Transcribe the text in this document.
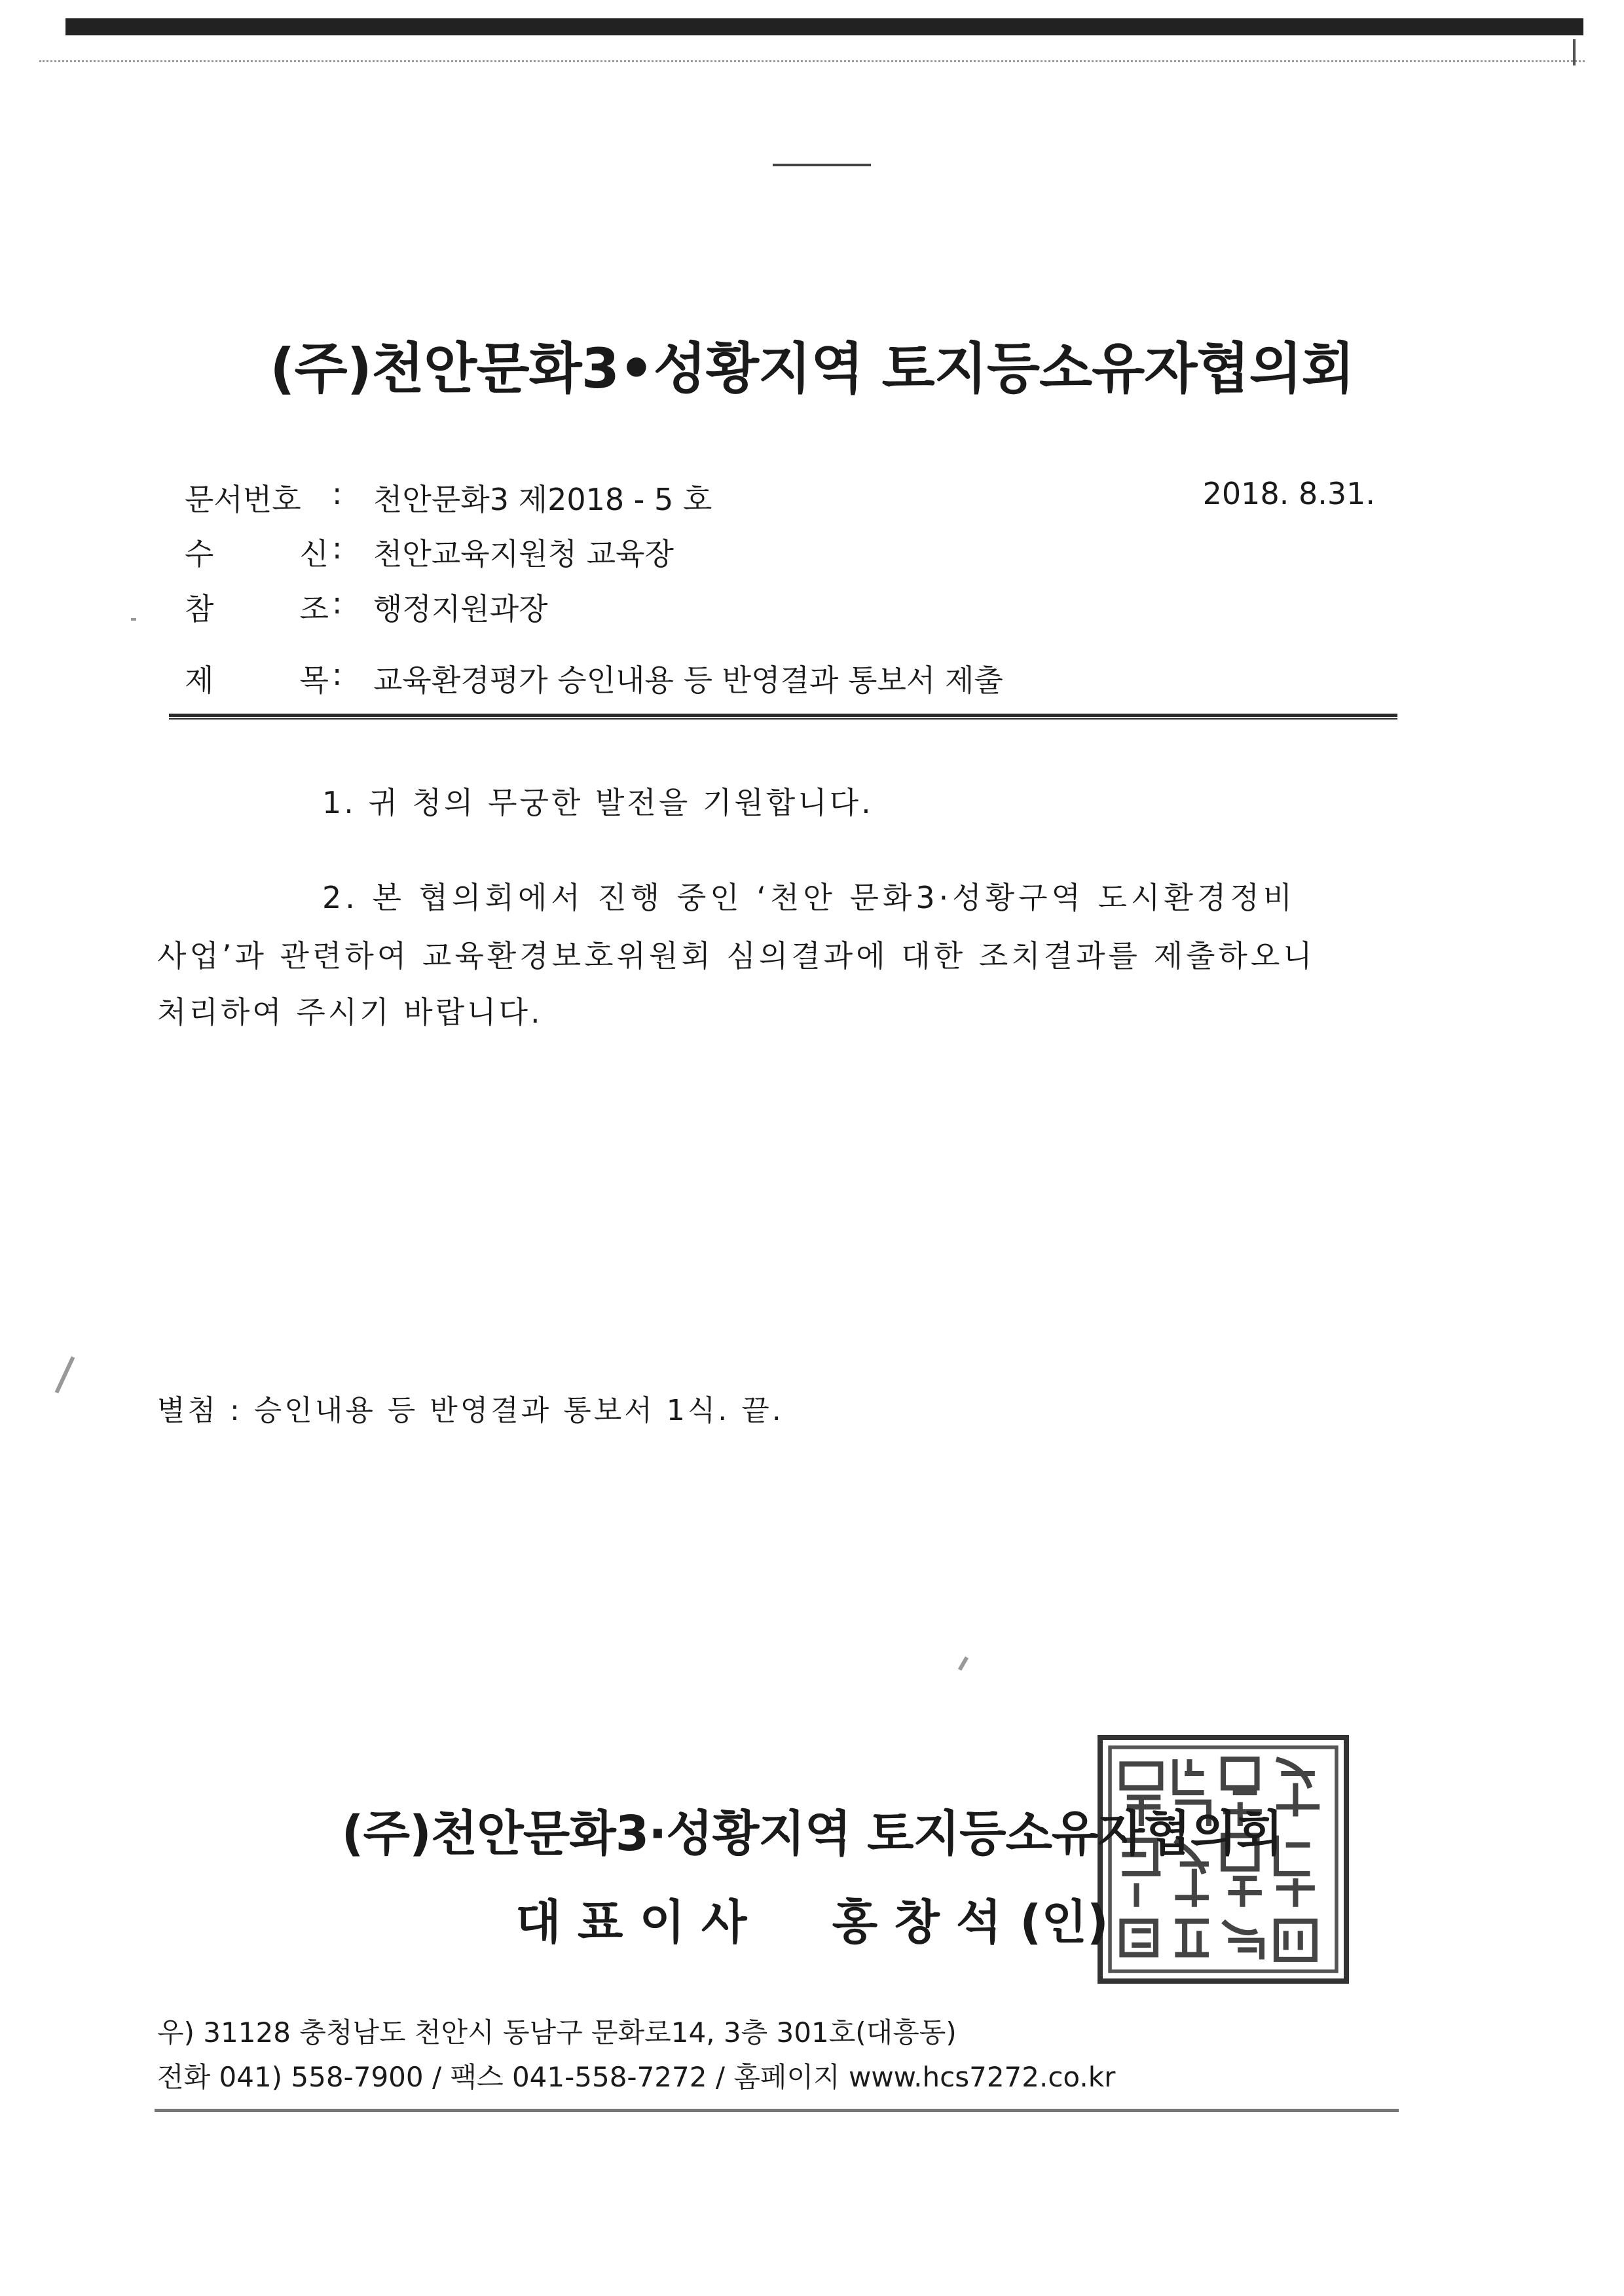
(주)천안문화3•성황지역 토지등소유자협의회
문서번호	:	천안문화3 제2018 - 5 호	2018. 8.31.
수 신 :	천안교육지원청 교육장
참 조 :	행정지원과장
제 목 :	교육환경평가 승인내용 등 반영결과 통보서 제출
1. 귀 청의 무궁한 발전을 기원합니다.
2. 본 협의회에서 진행 중인 ‘천안 문화3·성황구역 도시환경정비
사업’과 관련하여 교육환경보호위원회 심의결과에 대한 조치결과를 제출하오니
처리하여 주시기 바랍니다.
별첨 : 승인내용 등 반영결과 통보서 1식. 끝.
(주)천안문화3·성황지역 토지등소유자협의회
대 표 이 사 홍 창 석 (인)
우) 31128 충청남도 천안시 동남구 문화로14, 3층 301호(대흥동)
전화 041) 558-7900 / 팩스 041-558-7272 / 홈페이지 www.hcs7272.co.kr
